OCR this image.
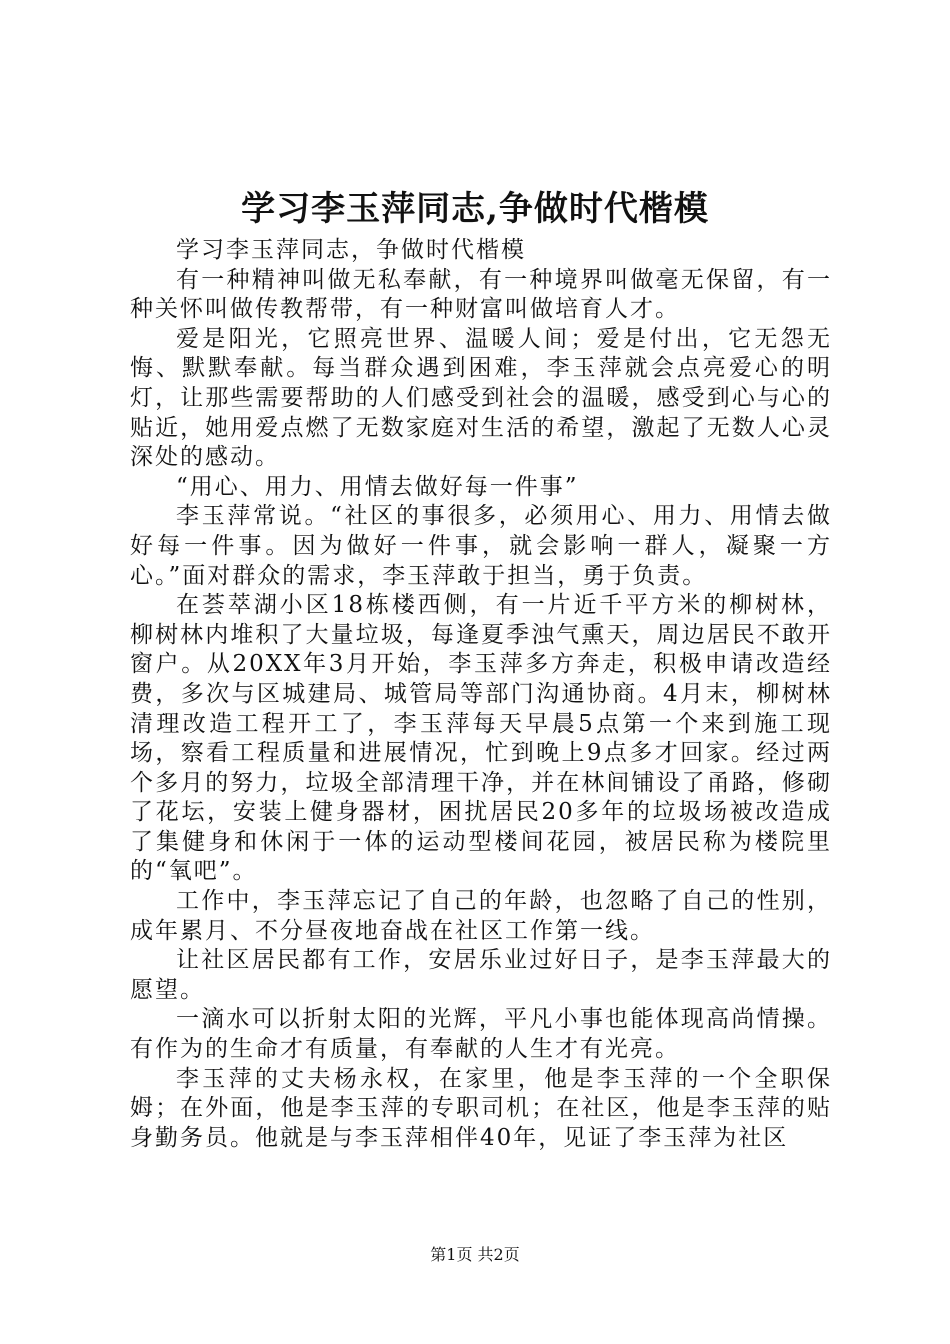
学习李玉萍同志,争做时代楷模

学习李玉萍同志，争做时代楷模

有一种精神叫做无私奉献，有一种境界叫做毫无保留，有一种关怀叫做传教帮带，有一种财富叫做培育人才。

爱是阳光，它照亮世界、温暖人间；爱是付出，它无怨无悔、默默奉献。每当群众遇到困难，李玉萍就会点亮爱心的明灯，让那些需要帮助的人们感受到社会的温暖，感受到心与心的贴近，她用爱点燃了无数家庭对生活的希望，激起了无数人心灵深处的感动。

“用心、用力、用情去做好每一件事”

李玉萍常说。“社区的事很多，必须用心、用力、用情去做好每一件事。因为做好一件事，就会影响一群人，凝聚一方心。”面对群众的需求，李玉萍敢于担当，勇于负责。

在荟萃湖小区18栋楼西侧，有一片近千平方米的柳树林，柳树林内堆积了大量垃圾，每逢夏季浊气熏天，周边居民不敢开窗户。从20XX年3月开始，李玉萍多方奔走，积极申请改造经费，多次与区城建局、城管局等部门沟通协商。4月末，柳树林清理改造工程开工了，李玉萍每天早晨5点第一个来到施工现场，察看工程质量和进展情况，忙到晚上9点多才回家。经过两个多月的努力，垃圾全部清理干净，并在林间铺设了甬路，修砌了花坛，安装上健身器材，困扰居民20多年的垃圾场被改造成了集健身和休闲于一体的运动型楼间花园，被居民称为楼院里的“氧吧”。

工作中，李玉萍忘记了自己的年龄，也忽略了自己的性别，成年累月、不分昼夜地奋战在社区工作第一线。

让社区居民都有工作，安居乐业过好日子，是李玉萍最大的愿望。

一滴水可以折射太阳的光辉，平凡小事也能体现高尚情操。有作为的生命才有质量，有奉献的人生才有光亮。

李玉萍的丈夫杨永权，在家里，他是李玉萍的一个全职保姆；在外面，他是李玉萍的专职司机；在社区，他是李玉萍的贴身勤务员。他就是与李玉萍相伴40年，见证了李玉萍为社区

第1页 共2页
